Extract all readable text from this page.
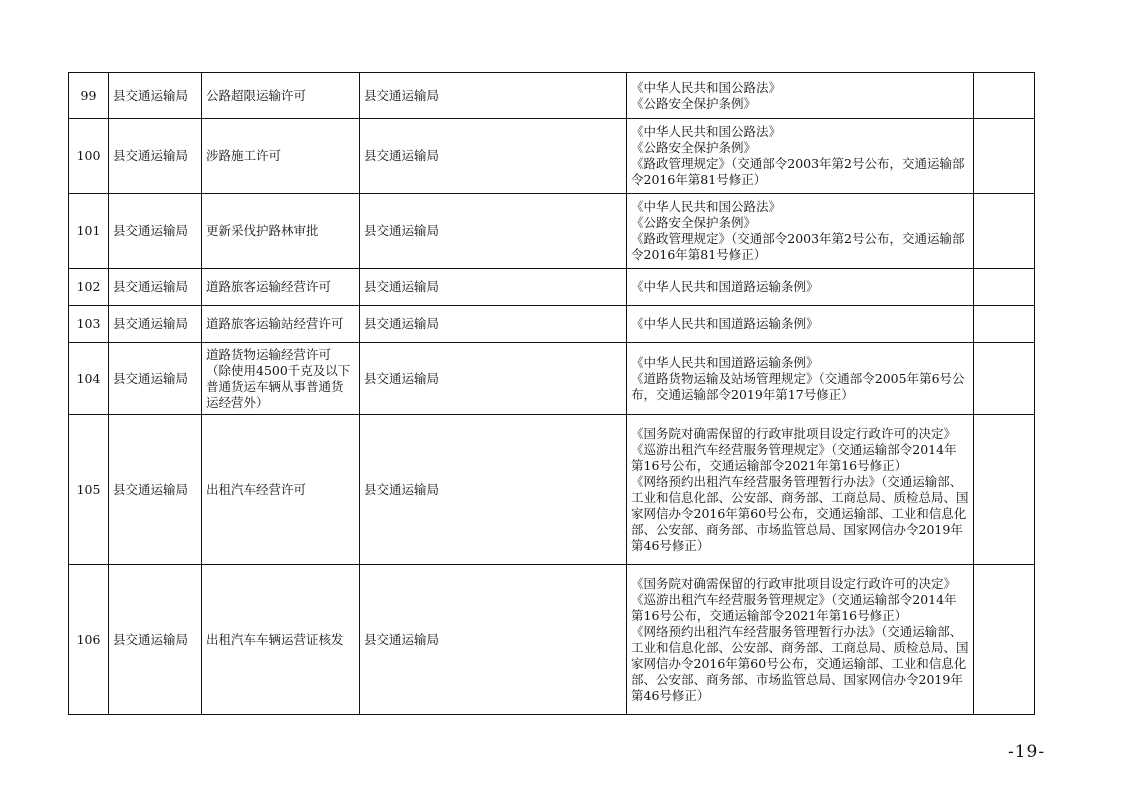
99	县交通运输局	公路超限运输许可	县交通运输局	《中华人民共和国公路法》
《公路安全保护条例》	

100	县交通运输局	涉路施工许可	县交通运输局	《中华人民共和国公路法》
《公路安全保护条例》
《路政管理规定》（交通部令2003年第2号公布，交通运输部令2016年第81号修正）	

101	县交通运输局	更新采伐护路林审批	县交通运输局	《中华人民共和国公路法》
《公路安全保护条例》
《路政管理规定》（交通部令2003年第2号公布，交通运输部令2016年第81号修正）	

102	县交通运输局	道路旅客运输经营许可	县交通运输局	《中华人民共和国道路运输条例》	

103	县交通运输局	道路旅客运输站经营许可	县交通运输局	《中华人民共和国道路运输条例》	

104	县交通运输局	道路货物运输经营许可（除使用4500千克及以下普通货运车辆从事普通货运经营外）	县交通运输局	《中华人民共和国道路运输条例》
《道路货物运输及站场管理规定》（交通部令2005年第6号公布，交通运输部令2019年第17号修正）	

105	县交通运输局	出租汽车经营许可	县交通运输局	《国务院对确需保留的行政审批项目设定行政许可的决定》
《巡游出租汽车经营服务管理规定》（交通运输部令2014年第16号公布，交通运输部令2021年第16号修正）
《网络预约出租汽车经营服务管理暂行办法》（交通运输部、工业和信息化部、公安部、商务部、工商总局、质检总局、国家网信办令2016年第60号公布，交通运输部、工业和信息化部、公安部、商务部、市场监管总局、国家网信办令2019年第46号修正）	

106	县交通运输局	出租汽车车辆运营证核发	县交通运输局	《国务院对确需保留的行政审批项目设定行政许可的决定》
《巡游出租汽车经营服务管理规定》（交通运输部令2014年第16号公布，交通运输部令2021年第16号修正）
《网络预约出租汽车经营服务管理暂行办法》（交通运输部、工业和信息化部、公安部、商务部、工商总局、质检总局、国家网信办令2016年第60号公布，交通运输部、工业和信息化部、公安部、商务部、市场监管总局、国家网信办令2019年第46号修正）	

-19-
